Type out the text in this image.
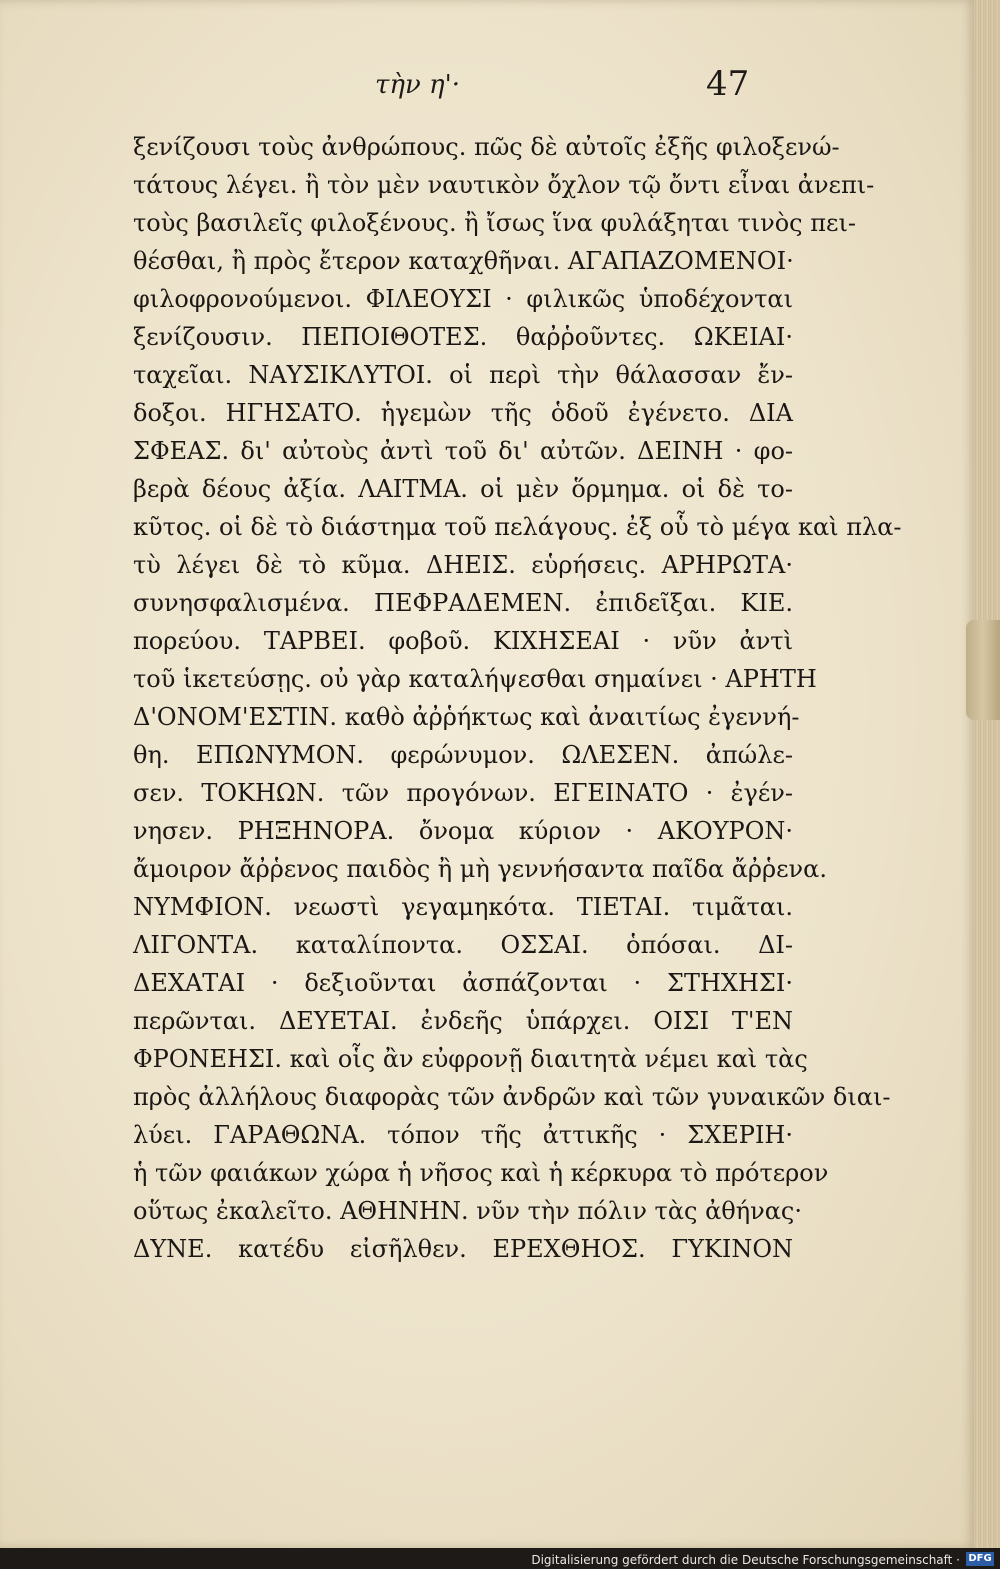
τὴν η'·	47
ξενίζουσι τοὺς ἀνθρώπους. πῶς δὲ αὐτοῖς ἐξῆς φιλοξενώ-
τάτους λέγει. ἢ τὸν μὲν ναυτικὸν ὄχλον τῷ ὄντι εἶναι ἀνεπι-
τοὺς βασιλεῖς φιλοξένους. ἢ ἴσως ἵνα φυλάξηται τινὸς πει-
θέσθαι, ἢ πρὸς ἔτερον καταχθῆναι. ΑΓΑΠΑΖΟΜΕΝΟΙ·
φιλοφρονούμενοι. ΦΙΛΕΟΥΣΙ · φιλικῶς ὑποδέχονται
ξενίζουσιν. ΠΕΠΟΙΘΟΤΕΣ. θαῤῥοῦντες. ΩΚΕΙΑΙ·
ταχεῖαι. ΝΑΥΣΙΚΛΥΤΟΙ. οἱ περὶ τὴν θάλασσαν ἔν-
δοξοι. ΗΓΗΣΑΤΟ. ἡγεμὼν τῆς ὁδοῦ ἐγένετο. ΔΙΑ
ΣΦΕΑΣ. δι' αὐτοὺς ἀντὶ τοῦ δι' αὐτῶν. ΔΕΙΝΗ · φο-
βερὰ δέους ἀξία. ΛΑΙΤΜΑ. οἱ μὲν ὅρμημα. οἱ δὲ το-
κῦτος. οἱ δὲ τὸ διάστημα τοῦ πελάγους. ἐξ οὗ τὸ μέγα καὶ πλα-
τὺ λέγει δὲ τὸ κῦμα. ΔΗΕΙΣ. εὑρήσεις. ΑΡΗΡΩΤΑ·
συνησφαλισμένα. ΠΕΦΡΑΔΕΜΕΝ. ἐπιδεῖξαι. ΚΙΕ.
πορεύου. ΤΑΡΒΕΙ. φοβοῦ. ΚΙΧΗΣΕΑΙ · νῦν ἀντὶ
τοῦ ἱκετεύσῃς. οὐ γὰρ καταλήψεσθαι σημαίνει · ΑΡΗΤΗ
Δ'ΟΝΟΜ'ΕΣΤΙΝ. καθὸ ἀῤῥήκτως καὶ ἀναιτίως ἐγεννή-
θη. ΕΠΩΝΥΜΟΝ. φερώνυμον. ΩΛΕΣΕΝ. ἀπώλε-
σεν. ΤΟΚΗΩΝ. τῶν προγόνων. ΕΓΕΙΝΑΤΟ · ἐγέν-
νησεν. ΡΗΞΗΝΟΡΑ. ὄνομα κύριον · ΑΚΟΥΡΟΝ·
ἄμοιρον ἄῤῥενος παιδὸς ἢ μὴ γεννήσαντα παῖδα ἄῤῥενα.
ΝΥΜΦΙΟΝ. νεωστὶ γεγαμηκότα. ΤΙΕΤΑΙ. τιμᾶται.
ΛΙΓΟΝΤΑ. καταλίποντα. ΟΣΣΑΙ. ὁπόσαι. ΔΙ-
ΔΕΧΑΤΑΙ · δεξιοῦνται ἀσπάζονται · ΣΤΗΧΗΣΙ·
περῶνται. ΔΕΥΕΤΑΙ. ἐνδεῆς ὑπάρχει. ΟΙΣΙ Τ'ΕΝ
ΦΡΟΝΕΗΣΙ. καὶ οἷς ἂν εὐφρονῇ διαιτητὰ νέμει καὶ τὰς
πρὸς ἀλλήλους διαφορὰς τῶν ἀνδρῶν καὶ τῶν γυναικῶν διαι-
λύει. ΓΑΡΑΘΩΝΑ. τόπον τῆς ἀττικῆς · ΣΧΕΡΙΗ·
ἡ τῶν φαιάκων χώρα ἡ νῆσος καὶ ἡ κέρκυρα τὸ πρότερον
οὕτως ἐκαλεῖτο. ΑΘΗΝΗΝ. νῦν τὴν πόλιν τὰς ἀθήνας·
ΔΥΝΕ. κατέδυ εἰσῆλθεν. ΕΡΕΧΘΗΟΣ. ΓΥΚΙΝΟΝ
Digitalisierung gefördert durch die Deutsche Forschungsgemeinschaft · DFG
